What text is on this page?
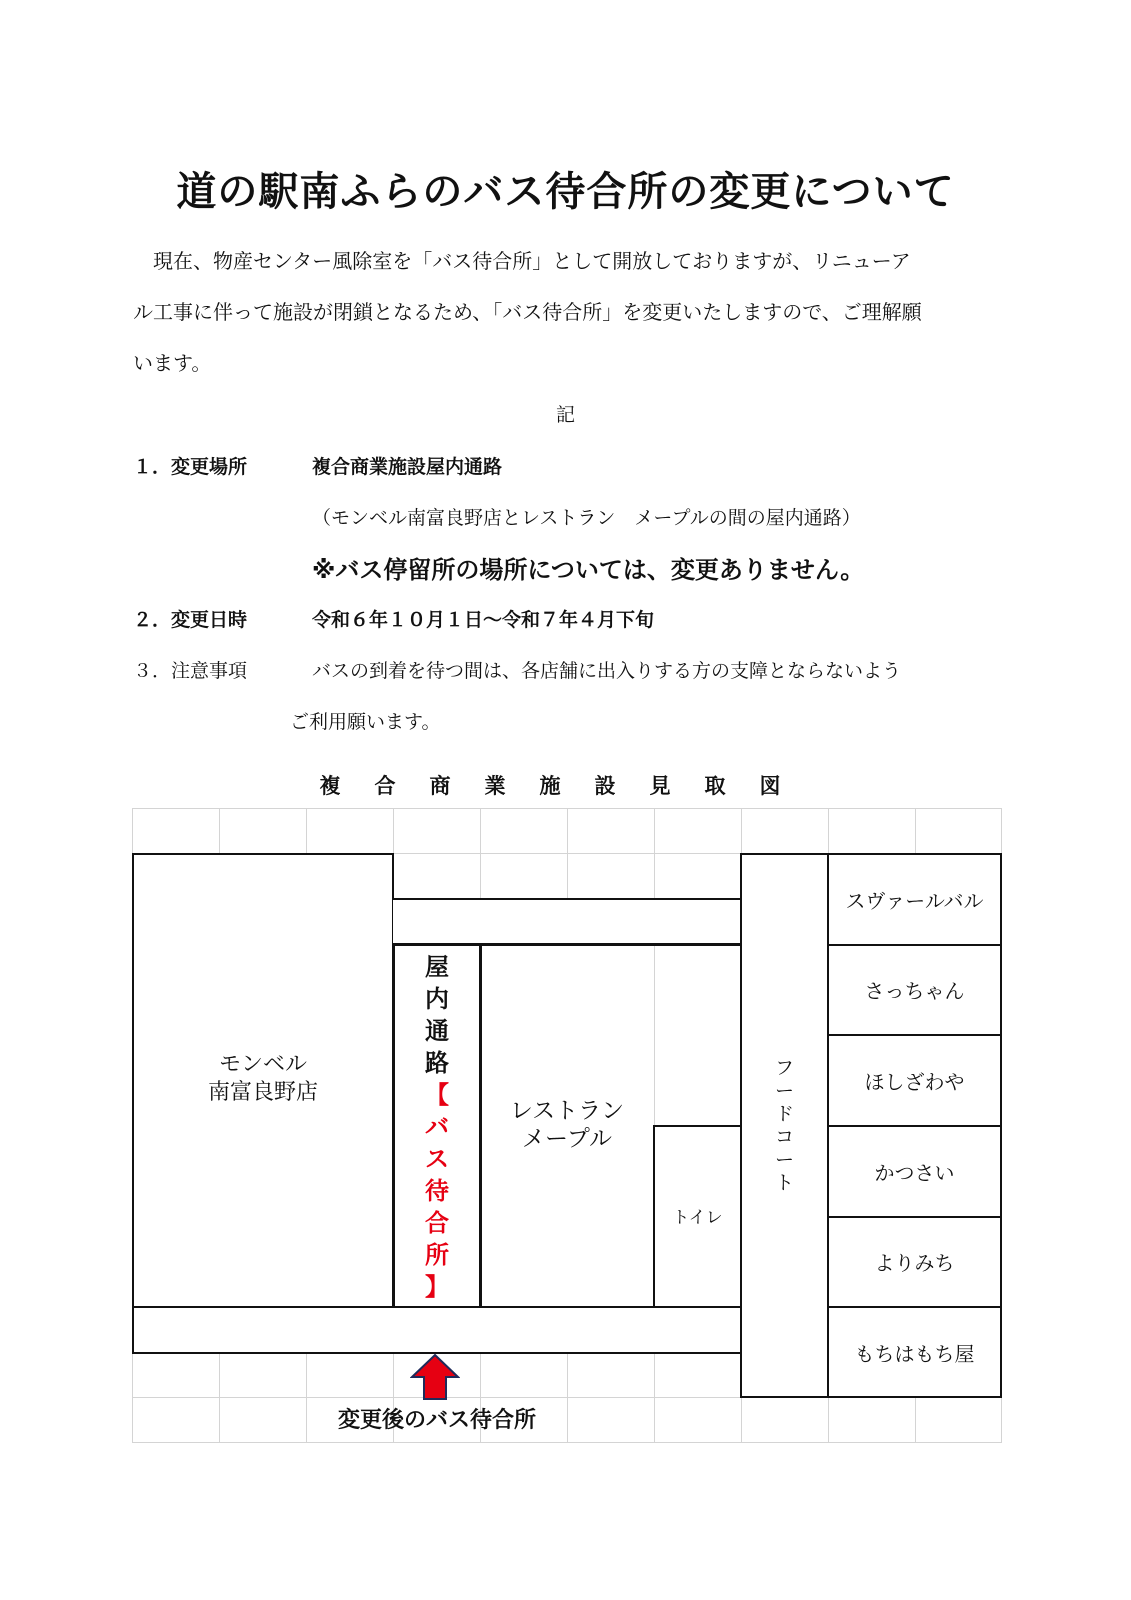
道の駅南ふらのバス待合所の変更について
　現在、物産センター風除室を「バス待合所」として開放しておりますが、リニューア
ル工事に伴って施設が閉鎖となるため、「バス待合所」を変更いたしますので、ご理解願
います。
記
１．変更場所	複合商業施設屋内通路
（モンベル南富良野店とレストラン　メープルの間の屋内通路）
※バス停留所の場所については、変更ありません。
２．変更日時	令和６年１０月１日～令和７年４月下旬
３．注意事項	バスの到着を待つ間は、各店舗に出入りする方の支障とならないよう
ご利用願います。
複合商業施設見取図
モンベル
南富良野店
屋
内
通
路
【
バ
ス
待
合
所
】
レストラン
メープル
トイレ
フ
ー
ド
コ
ー
ト
スヴァールバル
さっちゃん
ほしざわや
かつさい
よりみち
もちはもち屋
変更後のバス待合所
